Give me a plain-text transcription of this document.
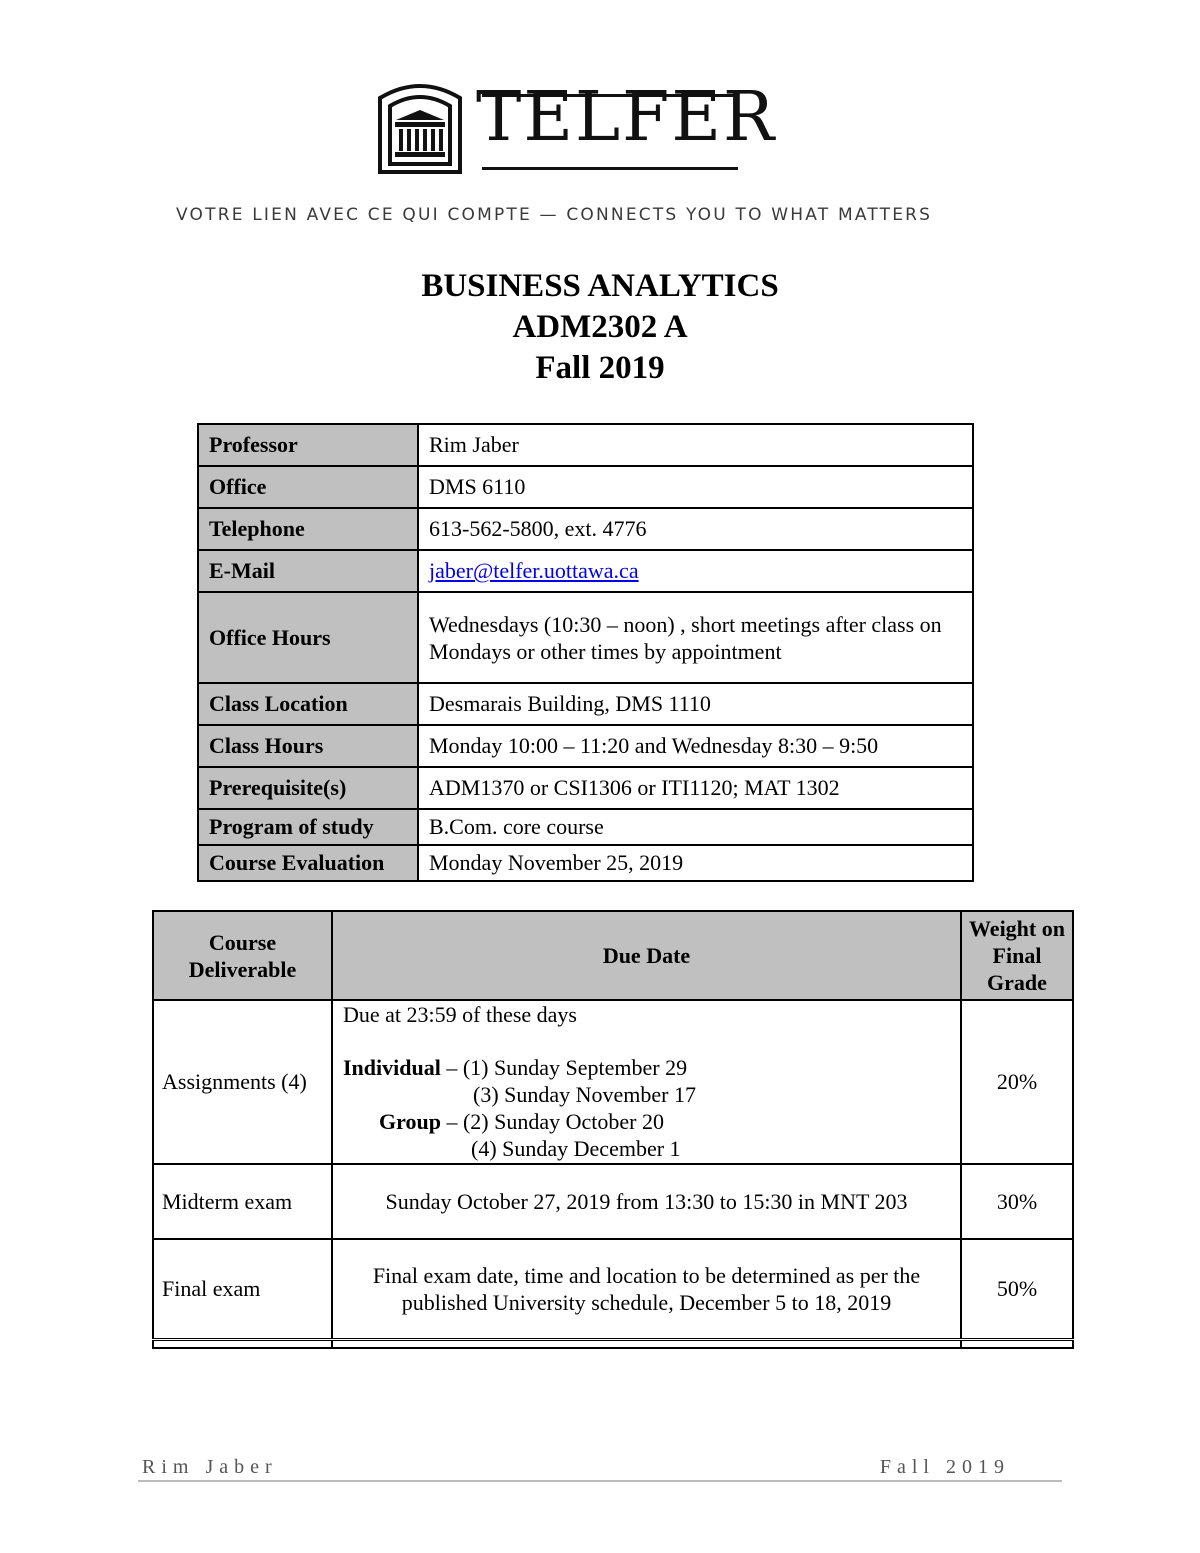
TELFER
VOTRE LIEN AVEC CE QUI COMPTE — CONNECTS YOU TO WHAT MATTERS
BUSINESS ANALYTICS
ADM2302 A
Fall 2019
Professor	Rim Jaber
Office	DMS 6110
Telephone	613-562-5800, ext. 4776
E-Mail	jaber@telfer.uottawa.ca
Office Hours	Wednesdays (10:30 – noon) , short meetings after class on Mondays or other times by appointment
Class Location	Desmarais Building, DMS 1110
Class Hours	Monday 10:00 – 11:20 and Wednesday 8:30 – 9:50
Prerequisite(s)	ADM1370 or CSI1306 or ITI1120; MAT 1302
Program of study	B.Com. core course
Course Evaluation	Monday November 25, 2019
Course Deliverable	Due Date	Weight on Final Grade
Assignments (4)	Due at 23:59 of these days
Individual – (1) Sunday September 29
(3) Sunday November 17
Group – (2) Sunday October 20
(4) Sunday December 1	20%
Midterm exam	Sunday October 27, 2019 from 13:30 to 15:30 in MNT 203	30%
Final exam	Final exam date, time and location to be determined as per the published University schedule, December 5 to 18, 2019	50%

Rim Jaber	Fall 2019
